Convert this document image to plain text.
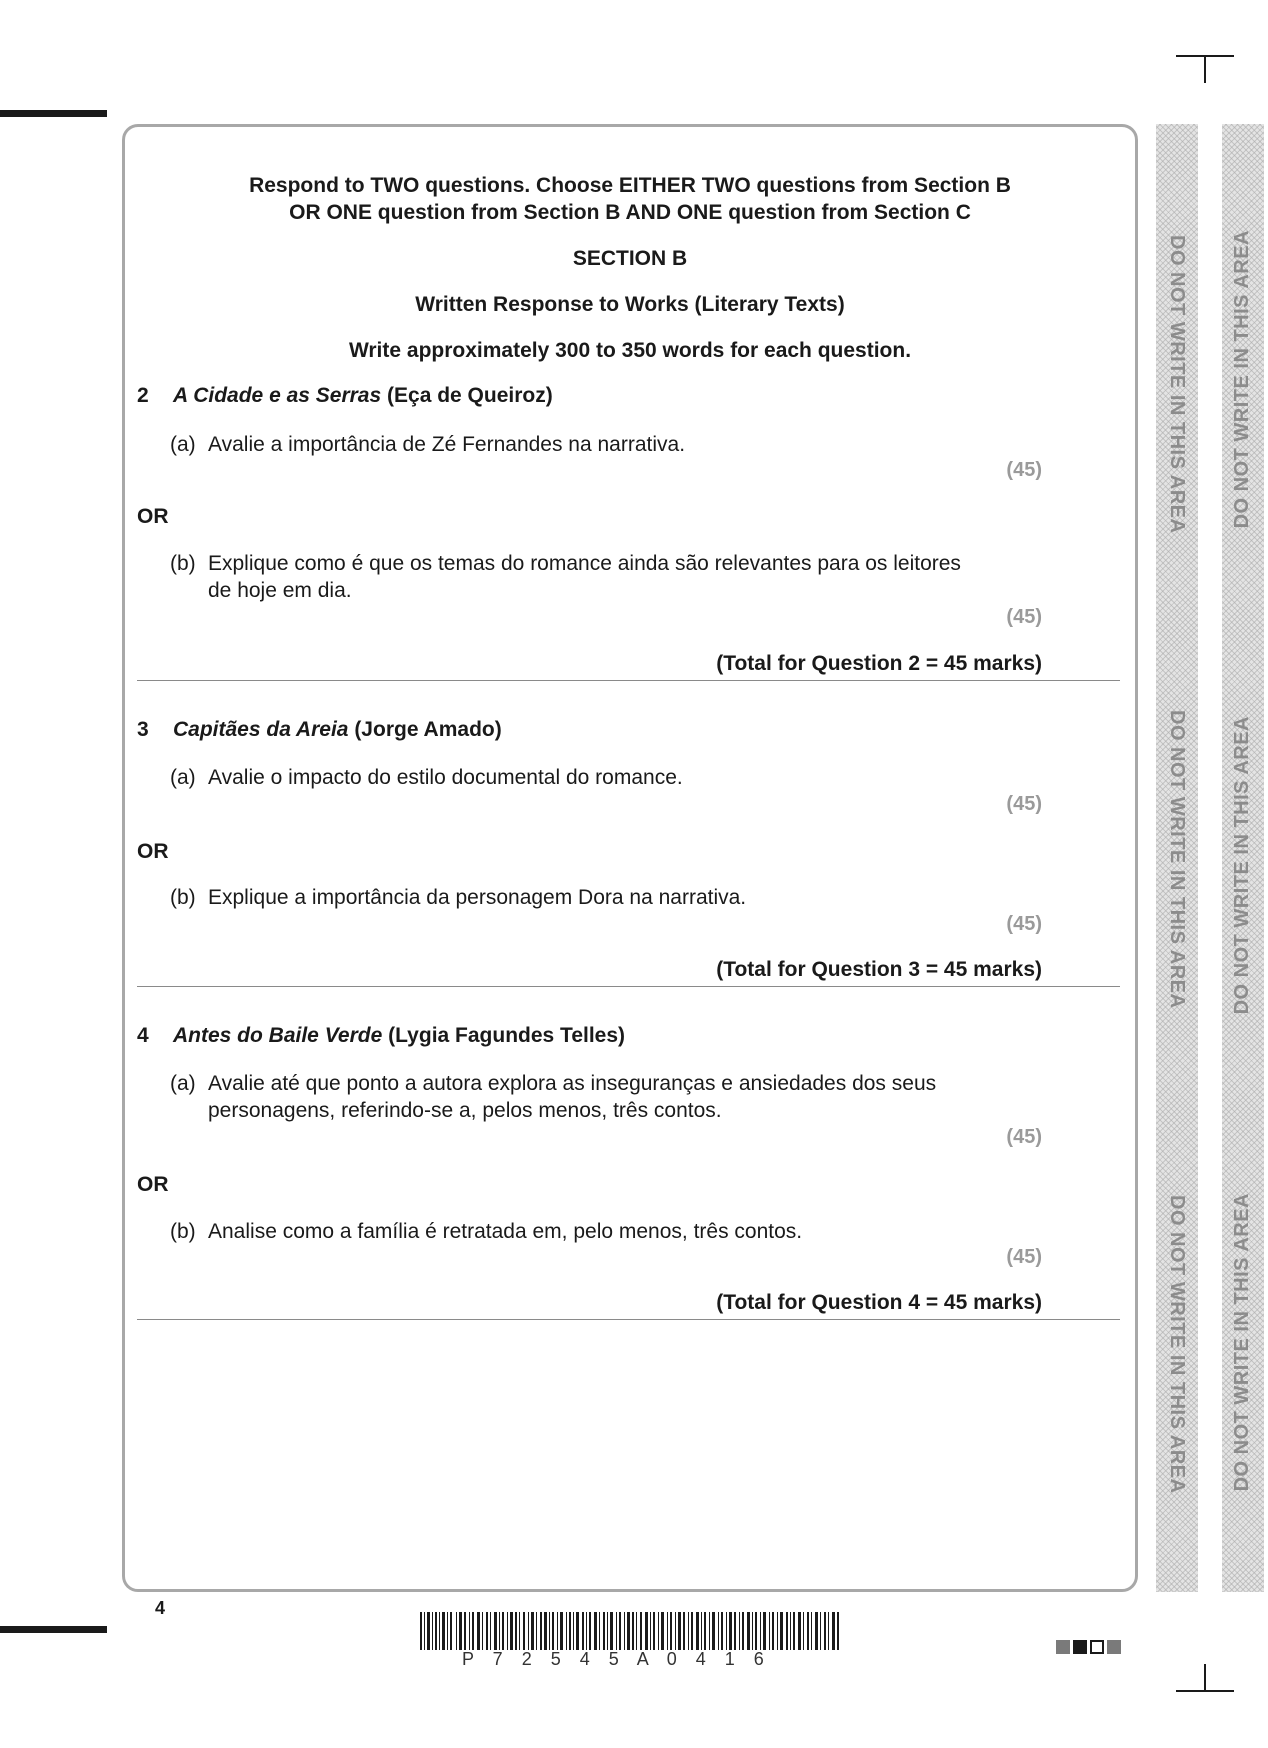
Respond to TWO questions. Choose EITHER TWO questions from Section B
OR ONE question from Section B AND ONE question from Section C
SECTION B
Written Response to Works (Literary Texts)
Write approximately 300 to 350 words for each question.
2 A Cidade e as Serras (Eça de Queiroz)
(a) Avalie a importância de Zé Fernandes na narrativa.
(45)
OR
(b) Explique como é que os temas do romance ainda são relevantes para os leitores de hoje em dia.
(45)
(Total for Question 2 = 45 marks)
3 Capitães da Areia (Jorge Amado)
(a) Avalie o impacto do estilo documental do romance.
(45)
OR
(b) Explique a importância da personagem Dora na narrativa.
(45)
(Total for Question 3 = 45 marks)
4 Antes do Baile Verde (Lygia Fagundes Telles)
(a) Avalie até que ponto a autora explora as inseguranças e ansiedades dos seus personagens, referindo-se a, pelos menos, três contos.
(45)
OR
(b) Analise como a família é retratada em, pelo menos, três contos.
(45)
(Total for Question 4 = 45 marks)
DO NOT WRITE IN THIS AREA
DO NOT WRITE IN THIS AREA
DO NOT WRITE IN THIS AREA
DO NOT WRITE IN THIS AREA
DO NOT WRITE IN THIS AREA
DO NOT WRITE IN THIS AREA
4
P 7 2 5 4 5 A 0 4 1 6
